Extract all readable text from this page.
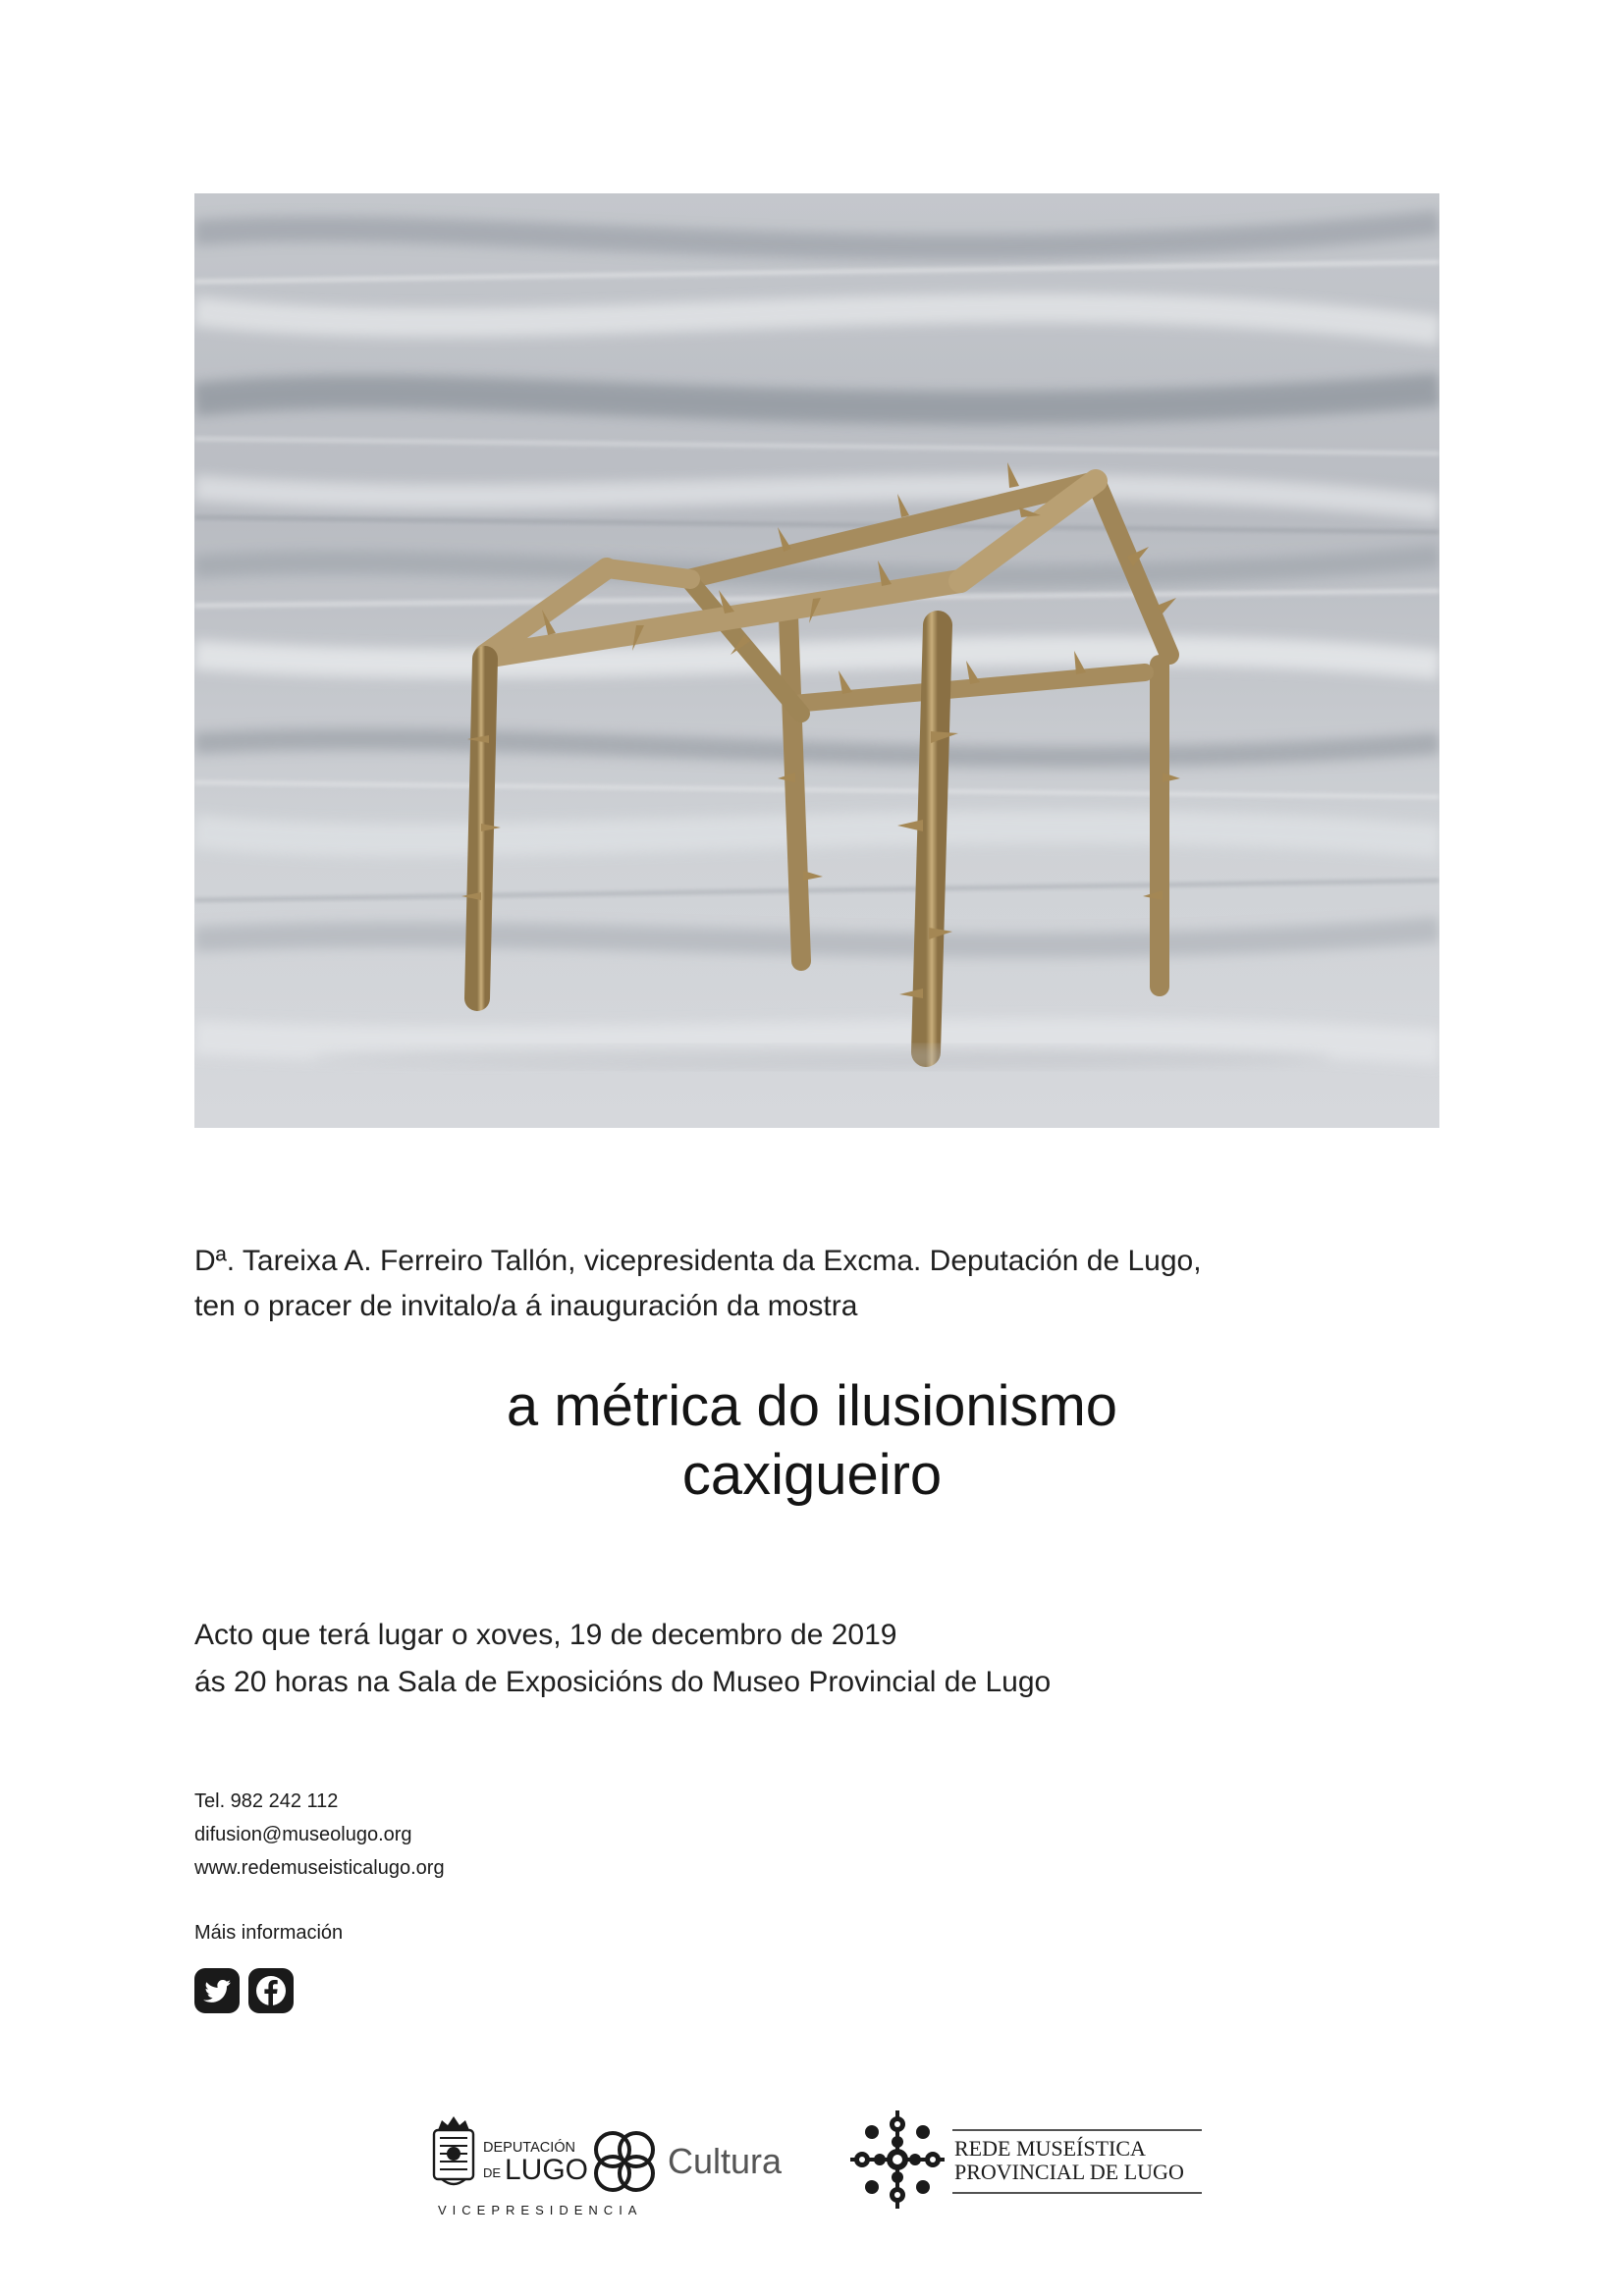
Dª. Tareixa A. Ferreiro Tallón, vicepresidenta da Excma. Deputación de Lugo,
ten o pracer de invitalo/a á inauguración da mostra
a métrica do ilusionismo
caxigueiro
Acto que terá lugar o xoves, 19 de decembro de 2019
ás 20 horas na Sala de Exposicións do Museo Provincial de Lugo
Tel. 982 242 112
difusion@museolugo.org
www.redemuseisticalugo.org
Máis información
DEPUTACIÓN
DE LUGO Cultura
VICEPRESIDENCIA
REDE MUSEÍSTICA
PROVINCIAL DE LUGO
